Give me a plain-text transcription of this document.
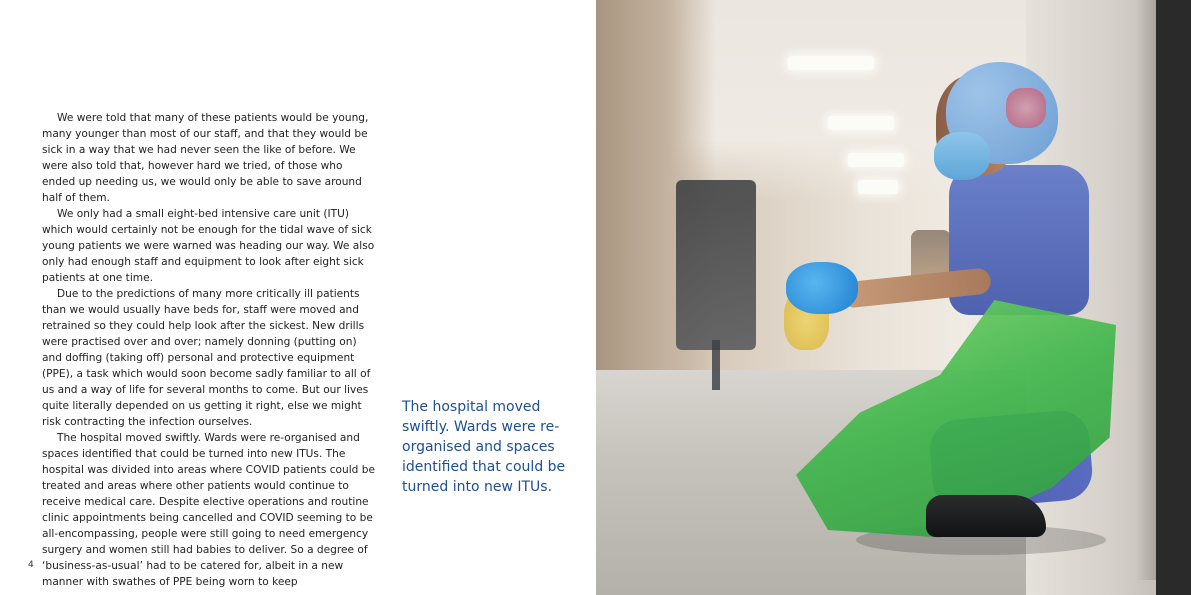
We were told that many of these patients would be young, many younger than most of our staff, and that they would be sick in a way that we had never seen the like of before. We were also told that, however hard we tried, of those who ended up needing us, we would only be able to save around half of them.

We only had a small eight-bed intensive care unit (ITU) which would certainly not be enough for the tidal wave of sick young patients we were warned was heading our way. We also only had enough staff and equipment to look after eight sick patients at one time.

Due to the predictions of many more critically ill patients than we would usually have beds for, staff were moved and retrained so they could help look after the sickest. New drills were practised over and over; namely donning (putting on) and doffing (taking off) personal and protective equipment (PPE), a task which would soon become sadly familiar to all of us and a way of life for several months to come. But our lives quite literally depended on us getting it right, else we might risk contracting the infection ourselves.

The hospital moved swiftly. Wards were re-organised and spaces identified that could be turned into new ITUs. The hospital was divided into areas where COVID patients could be treated and areas where other patients would continue to receive medical care. Despite elective operations and routine clinic appointments being cancelled and COVID seeming to be all-encompassing, people were still going to need emergency surgery and women still had babies to deliver. So a degree of ‘business-as-usual’ had to be catered for, albeit in a new manner with swathes of PPE being worn to keep

The hospital moved swiftly. Wards were re-organised and spaces identified that could be turned into new ITUs.
4
